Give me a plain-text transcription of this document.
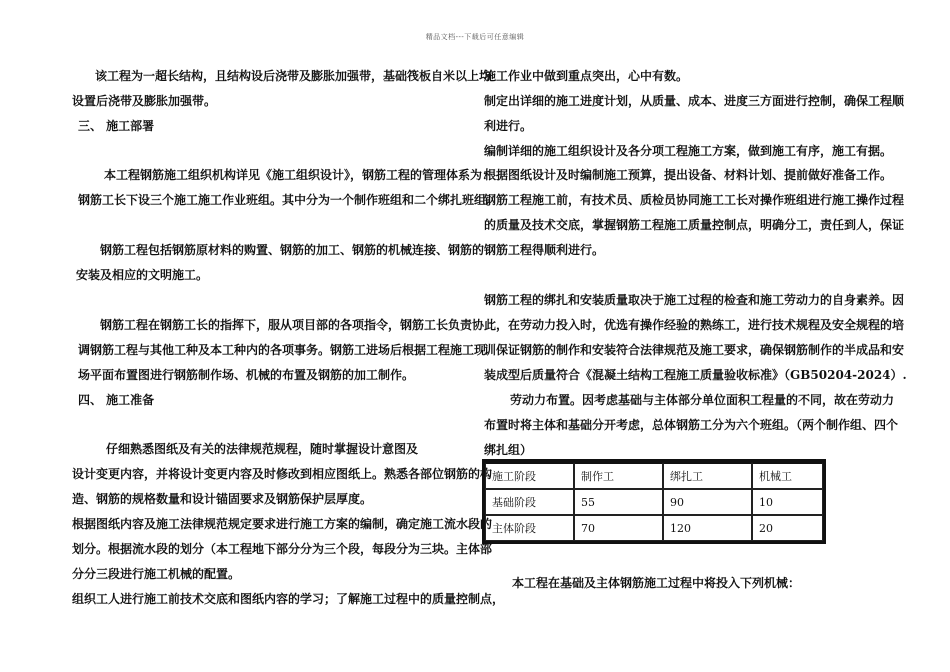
精品文档---下载后可任意编辑
该工程为一超长结构，且结构设后浇带及膨胀加强带，基础筏板自米以上均
设置后浇带及膨胀加强带。
三、 施工部署
本工程钢筋施工组织机构详见《施工组织设计》，钢筋工程的管理体系为：
钢筋工长下设三个施工施工作业班组。其中分为一个制作班组和二个绑扎班组。
钢筋工程包括钢筋原材料的购置、钢筋的加工、钢筋的机械连接、钢筋的
安装及相应的文明施工。
钢筋工程在钢筋工长的指挥下，服从项目部的各项指令，钢筋工长负责协
调钢筋工程与其他工种及本工种内的各项事务。钢筋工进场后根据工程施工现
场平面布置图进行钢筋制作场、机械的布置及钢筋的加工制作。
四、 施工准备
仔细熟悉图纸及有关的法律规范规程，随时掌握设计意图及
设计变更内容，并将设计变更内容及时修改到相应图纸上。熟悉各部位钢筋的构
造、钢筋的规格数量和设计锚固要求及钢筋保护层厚度。
根据图纸内容及施工法律规范规定要求进行施工方案的编制，确定施工流水段的
划分。根据流水段的划分（本工程地下部分分为三个段，每段分为三块。主体部
分分三段进行施工机械的配置。
组织工人进行施工前技术交底和图纸内容的学习；了解施工过程中的质量控制点，
施工作业中做到重点突出，心中有数。
制定出详细的施工进度计划，从质量、成本、进度三方面进行控制，确保工程顺
利进行。
编制详细的施工组织设计及各分项工程施工方案，做到施工有序，施工有据。
根据图纸设计及时编制施工预算，提出设备、材料计划、提前做好准备工作。
钢筋工程施工前，有技术员、质检员协同施工工长对操作班组进行施工操作过程
的质量及技术交底，掌握钢筋工程施工质量控制点，明确分工，责任到人，保证
钢筋工程得顺利进行。
钢筋工程的绑扎和安装质量取决于施工过程的检查和施工劳动力的自身素养。因
此，在劳动力投入时，优选有操作经验的熟练工，进行技术规程及安全规程的培
训保证钢筋的制作和安装符合法律规范及施工要求，确保钢筋制作的半成品和安
装成型后质量符合《混凝土结构工程施工质量验收标准》（GB50204-2024）.
劳动力布置。因考虑基础与主体部分单位面积工程量的不同，故在劳动力
布置时将主体和基础分开考虑，总体钢筋工分为六个班组。（两个制作组、四个
绑扎组）
施工阶段	制作工	绑扎工	机械工
基础阶段	55	90	10
主体阶段	70	120	20
本工程在基础及主体钢筋施工过程中将投入下列机械：
